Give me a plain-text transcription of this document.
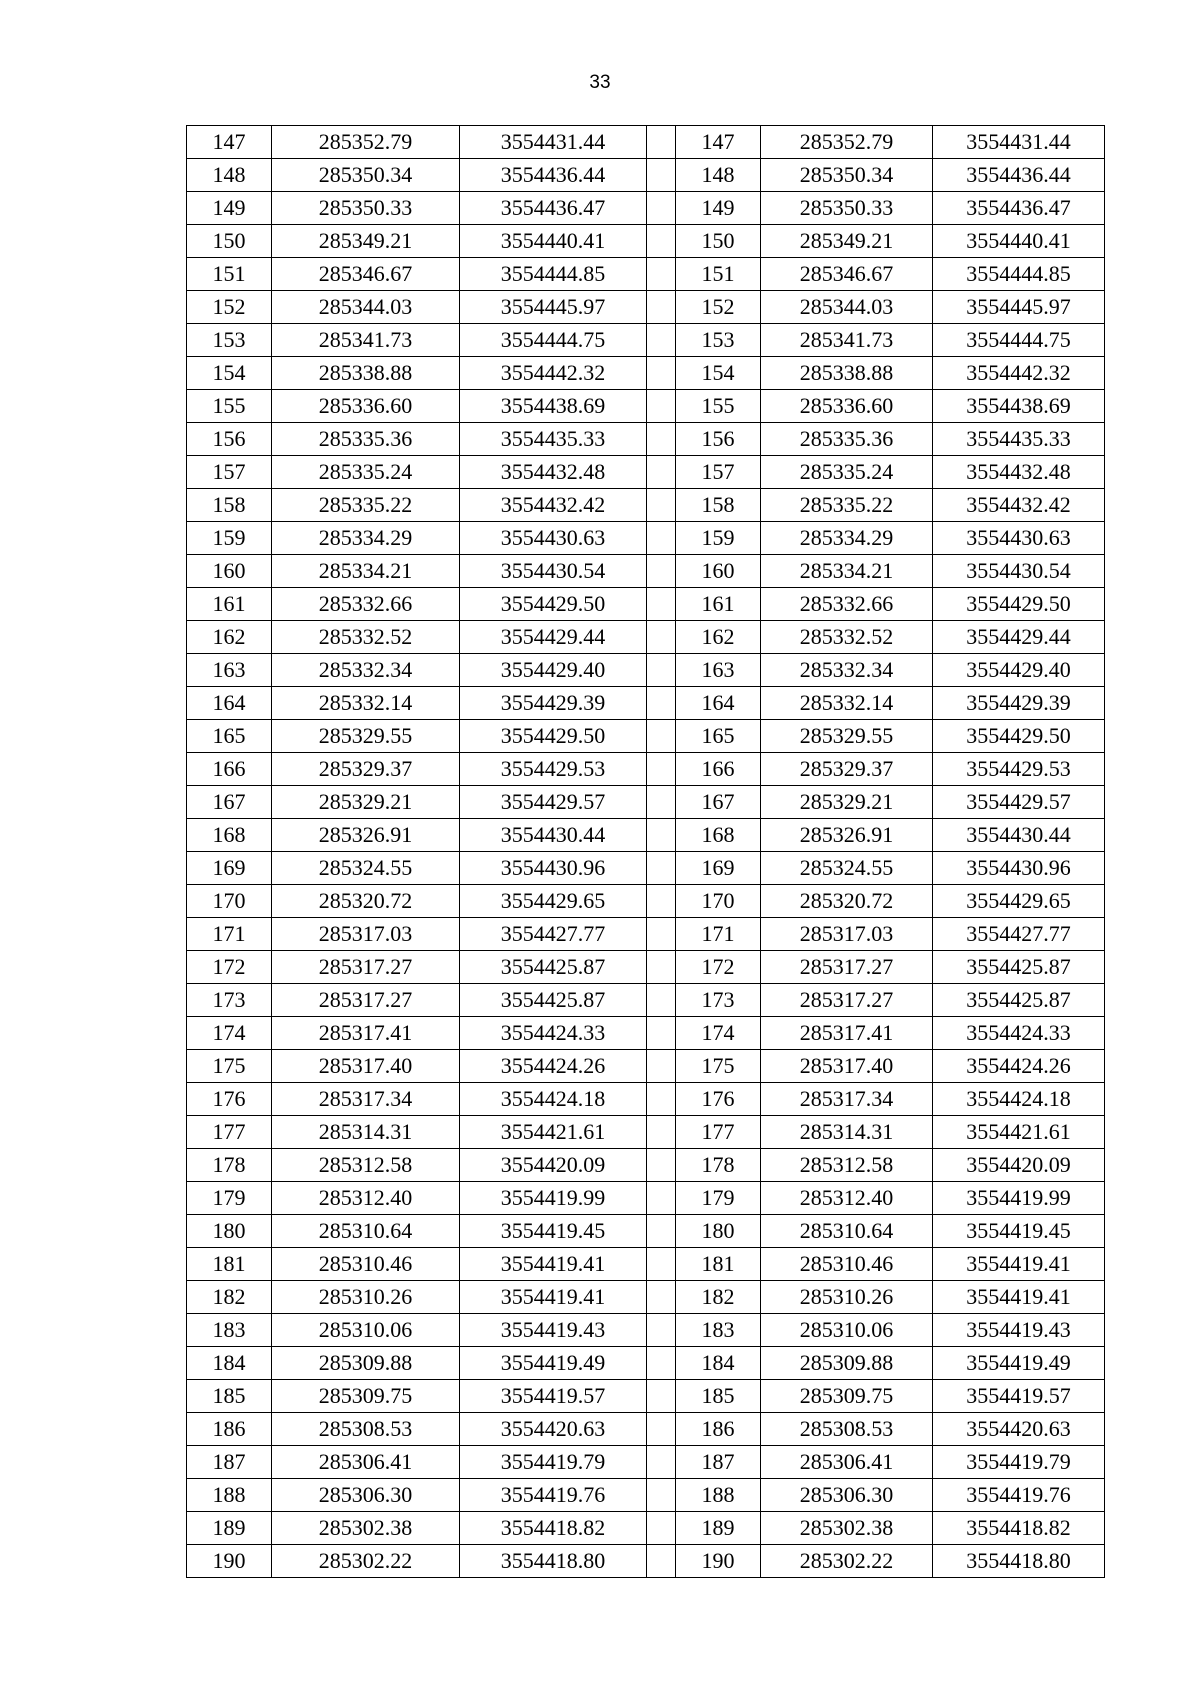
33
147	285352.79	3554431.44		147	285352.79	3554431.44
148	285350.34	3554436.44		148	285350.34	3554436.44
149	285350.33	3554436.47		149	285350.33	3554436.47
150	285349.21	3554440.41		150	285349.21	3554440.41
151	285346.67	3554444.85		151	285346.67	3554444.85
152	285344.03	3554445.97		152	285344.03	3554445.97
153	285341.73	3554444.75		153	285341.73	3554444.75
154	285338.88	3554442.32		154	285338.88	3554442.32
155	285336.60	3554438.69		155	285336.60	3554438.69
156	285335.36	3554435.33		156	285335.36	3554435.33
157	285335.24	3554432.48		157	285335.24	3554432.48
158	285335.22	3554432.42		158	285335.22	3554432.42
159	285334.29	3554430.63		159	285334.29	3554430.63
160	285334.21	3554430.54		160	285334.21	3554430.54
161	285332.66	3554429.50		161	285332.66	3554429.50
162	285332.52	3554429.44		162	285332.52	3554429.44
163	285332.34	3554429.40		163	285332.34	3554429.40
164	285332.14	3554429.39		164	285332.14	3554429.39
165	285329.55	3554429.50		165	285329.55	3554429.50
166	285329.37	3554429.53		166	285329.37	3554429.53
167	285329.21	3554429.57		167	285329.21	3554429.57
168	285326.91	3554430.44		168	285326.91	3554430.44
169	285324.55	3554430.96		169	285324.55	3554430.96
170	285320.72	3554429.65		170	285320.72	3554429.65
171	285317.03	3554427.77		171	285317.03	3554427.77
172	285317.27	3554425.87		172	285317.27	3554425.87
173	285317.27	3554425.87		173	285317.27	3554425.87
174	285317.41	3554424.33		174	285317.41	3554424.33
175	285317.40	3554424.26		175	285317.40	3554424.26
176	285317.34	3554424.18		176	285317.34	3554424.18
177	285314.31	3554421.61		177	285314.31	3554421.61
178	285312.58	3554420.09		178	285312.58	3554420.09
179	285312.40	3554419.99		179	285312.40	3554419.99
180	285310.64	3554419.45		180	285310.64	3554419.45
181	285310.46	3554419.41		181	285310.46	3554419.41
182	285310.26	3554419.41		182	285310.26	3554419.41
183	285310.06	3554419.43		183	285310.06	3554419.43
184	285309.88	3554419.49		184	285309.88	3554419.49
185	285309.75	3554419.57		185	285309.75	3554419.57
186	285308.53	3554420.63		186	285308.53	3554420.63
187	285306.41	3554419.79		187	285306.41	3554419.79
188	285306.30	3554419.76		188	285306.30	3554419.76
189	285302.38	3554418.82		189	285302.38	3554418.82
190	285302.22	3554418.80		190	285302.22	3554418.80
